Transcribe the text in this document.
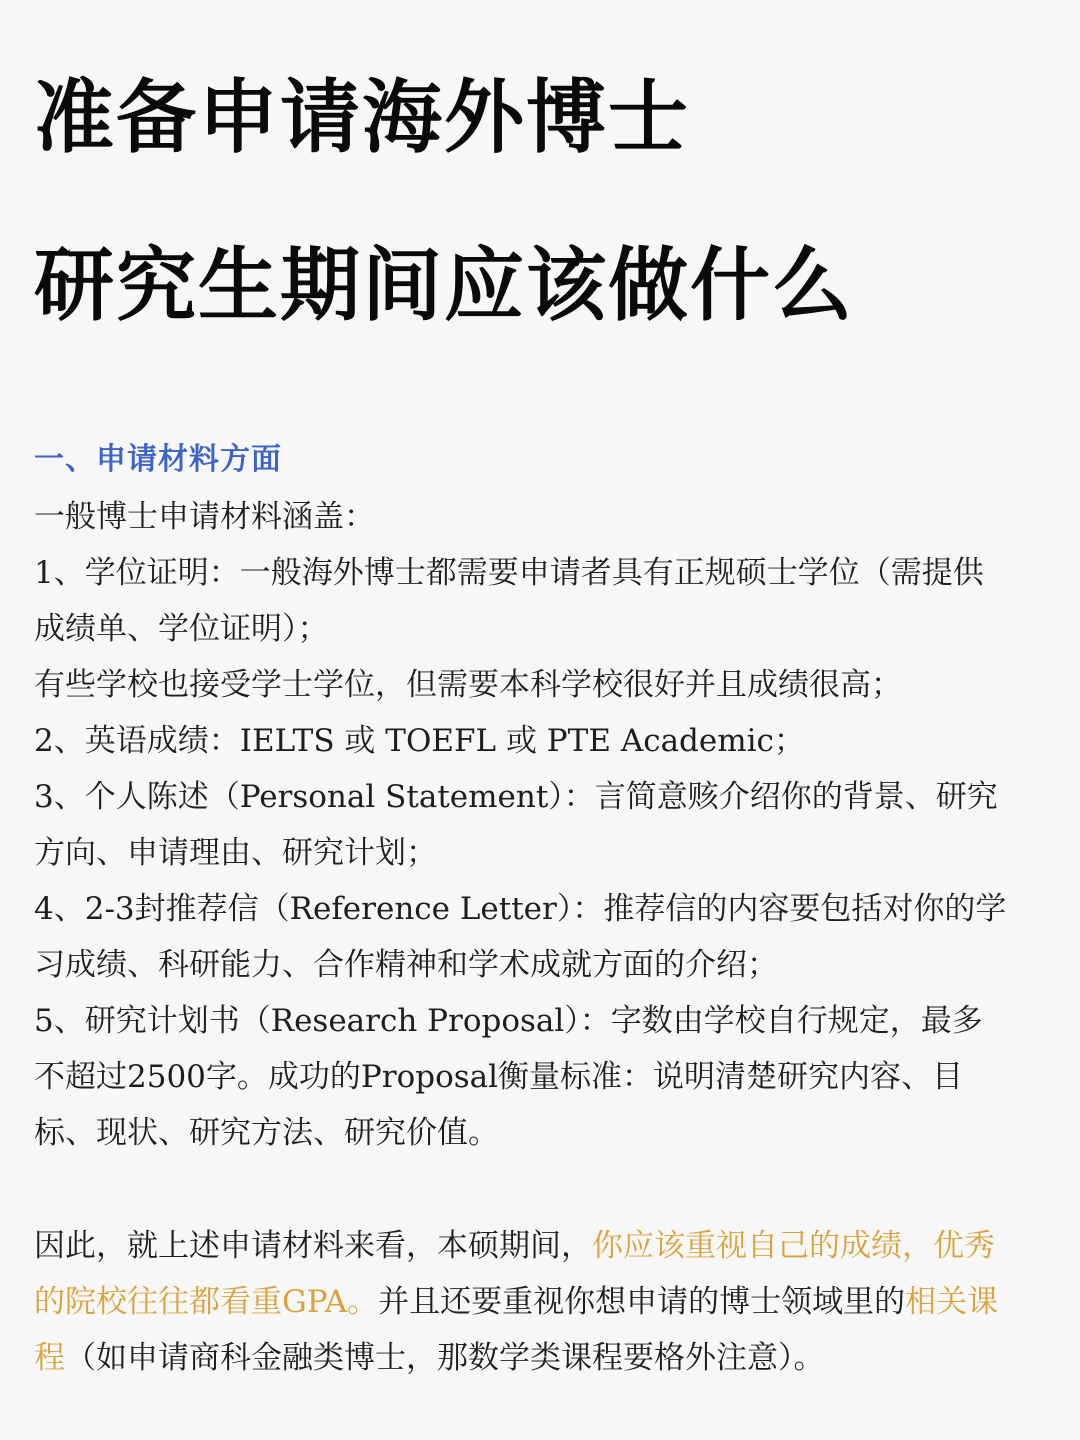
准备申请海外博士
研究生期间应该做什么
一、申请材料方面
一般博士申请材料涵盖：
1、学位证明：一般海外博士都需要申请者具有正规硕士学位（需提供
成绩单、学位证明）；
有些学校也接受学士学位，但需要本科学校很好并且成绩很高；
2、英语成绩：IELTS 或 TOEFL 或 PTE Academic；
3、个人陈述（Personal Statement）：言简意赅介绍你的背景、研究
方向、申请理由、研究计划；
4、2-3封推荐信（Reference Letter）：推荐信的内容要包括对你的学
习成绩、科研能力、合作精神和学术成就方面的介绍；
5、研究计划书（Research Proposal）：字数由学校自行规定，最多
不超过2500字。成功的Proposal衡量标准：说明清楚研究内容、目
标、现状、研究方法、研究价值。
因此，就上述申请材料来看，本硕期间，你应该重视自己的成绩，优秀
的院校往往都看重GPA。并且还要重视你想申请的博士领域里的相关课
程（如申请商科金融类博士，那数学类课程要格外注意）。
